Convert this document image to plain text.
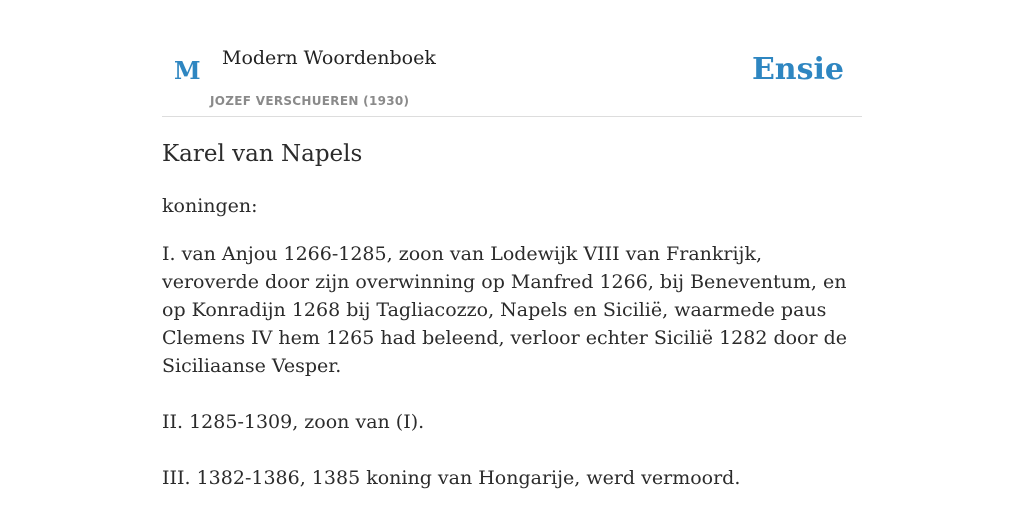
M Modern Woordenboek
JOZEF VERSCHUEREN (1930)
Ensie
Karel van Napels

koningen:

I. van Anjou 1266-1285, zoon van Lodewijk VIII van Frankrijk, veroverde door zijn overwinning op Manfred 1266, bij Beneventum, en op Konradijn 1268 bij Tagliacozzo, Napels en Sicilië, waarmede paus Clemens IV hem 1265 had beleend, verloor echter Sicilië 1282 door de Siciliaanse Vesper.

II. 1285-1309, zoon van (I).

III. 1382-1386, 1385 koning van Hongarije, werd vermoord.
